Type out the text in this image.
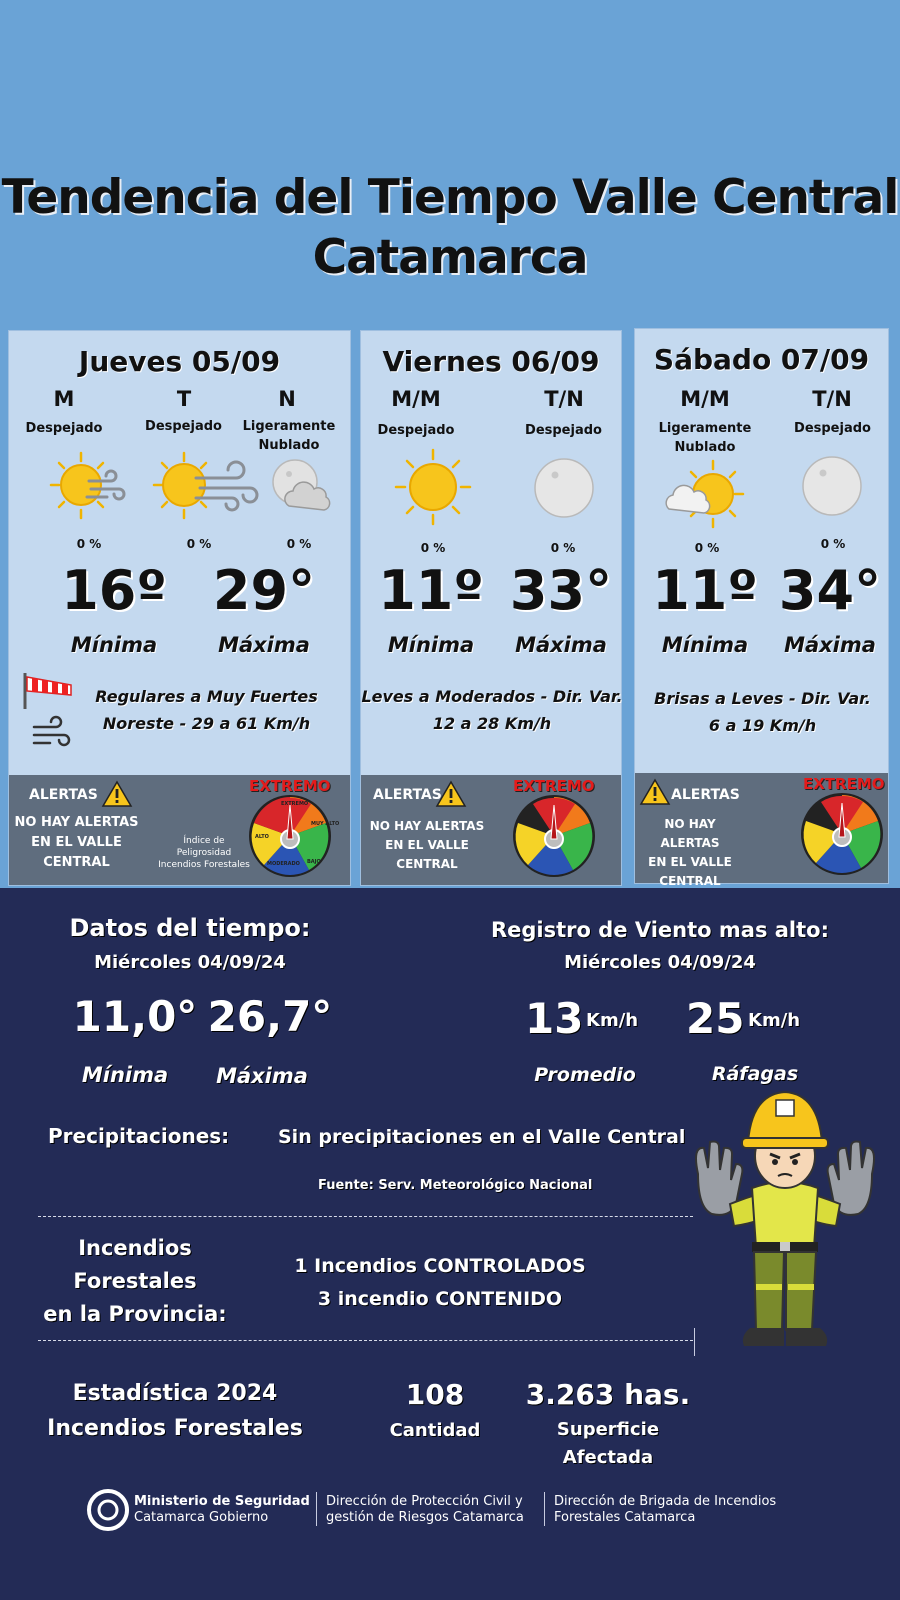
Tendencia del Tiempo Valle Central
Catamarca
Jueves 05/09
M	T	N
Despejado	Despejado	Ligeramente
Nublado
0 %	0 %	0 %
16º 29°
Mínima	Máxima
Regulares a Muy Fuertes
Noreste - 29 a 61 Km/h
ALERTAS
NO HAY ALERTAS
EN EL VALLE
CENTRAL
Índice de
Peligrosidad
Incendios Forestales
EXTREMO
EXTREMO
MUY ALTO
ALTO
MODERADO BAJO
Viernes 06/09
M/M	T/N
Despejado	Despejado
0 %	0 %
11º 33°
Mínima	Máxima
Leves a Moderados - Dir. Var.
12 a 28 Km/h
ALERTAS
NO HAY ALERTAS
EN EL VALLE
CENTRAL
EXTREMO
Sábado 07/09
M/M	T/N
Ligeramente
Nublado
Despejado
0 %	0 %
11º 34°
Mínima	Máxima
Brisas a Leves - Dir. Var.
6 a 19 Km/h
ALERTAS
NO HAY ALERTAS
EN EL VALLE
CENTRAL
EXTREMO
Datos del tiempo:
Miércoles 04/09/24
11,0° 26,7°
Mínima	Máxima
Registro de Viento mas alto:
Miércoles 04/09/24
13 Km/h 25 Km/h
Promedio	Ráfagas
Precipitaciones:	Sin precipitaciones en el Valle Central
Fuente: Serv. Meteorológico Nacional
Incendios
Forestales
en la Provincia:
1 Incendios CONTROLADOS
3 incendio CONTENIDO
Estadística 2024
Incendios Forestales
108
Cantidad
3.263 has.
Superficie
Afectada
Ministerio de Seguridad
Catamarca Gobierno
Dirección de Protección Civil y
gestión de Riesgos Catamarca
Dirección de Brigada de Incendios
Forestales Catamarca
